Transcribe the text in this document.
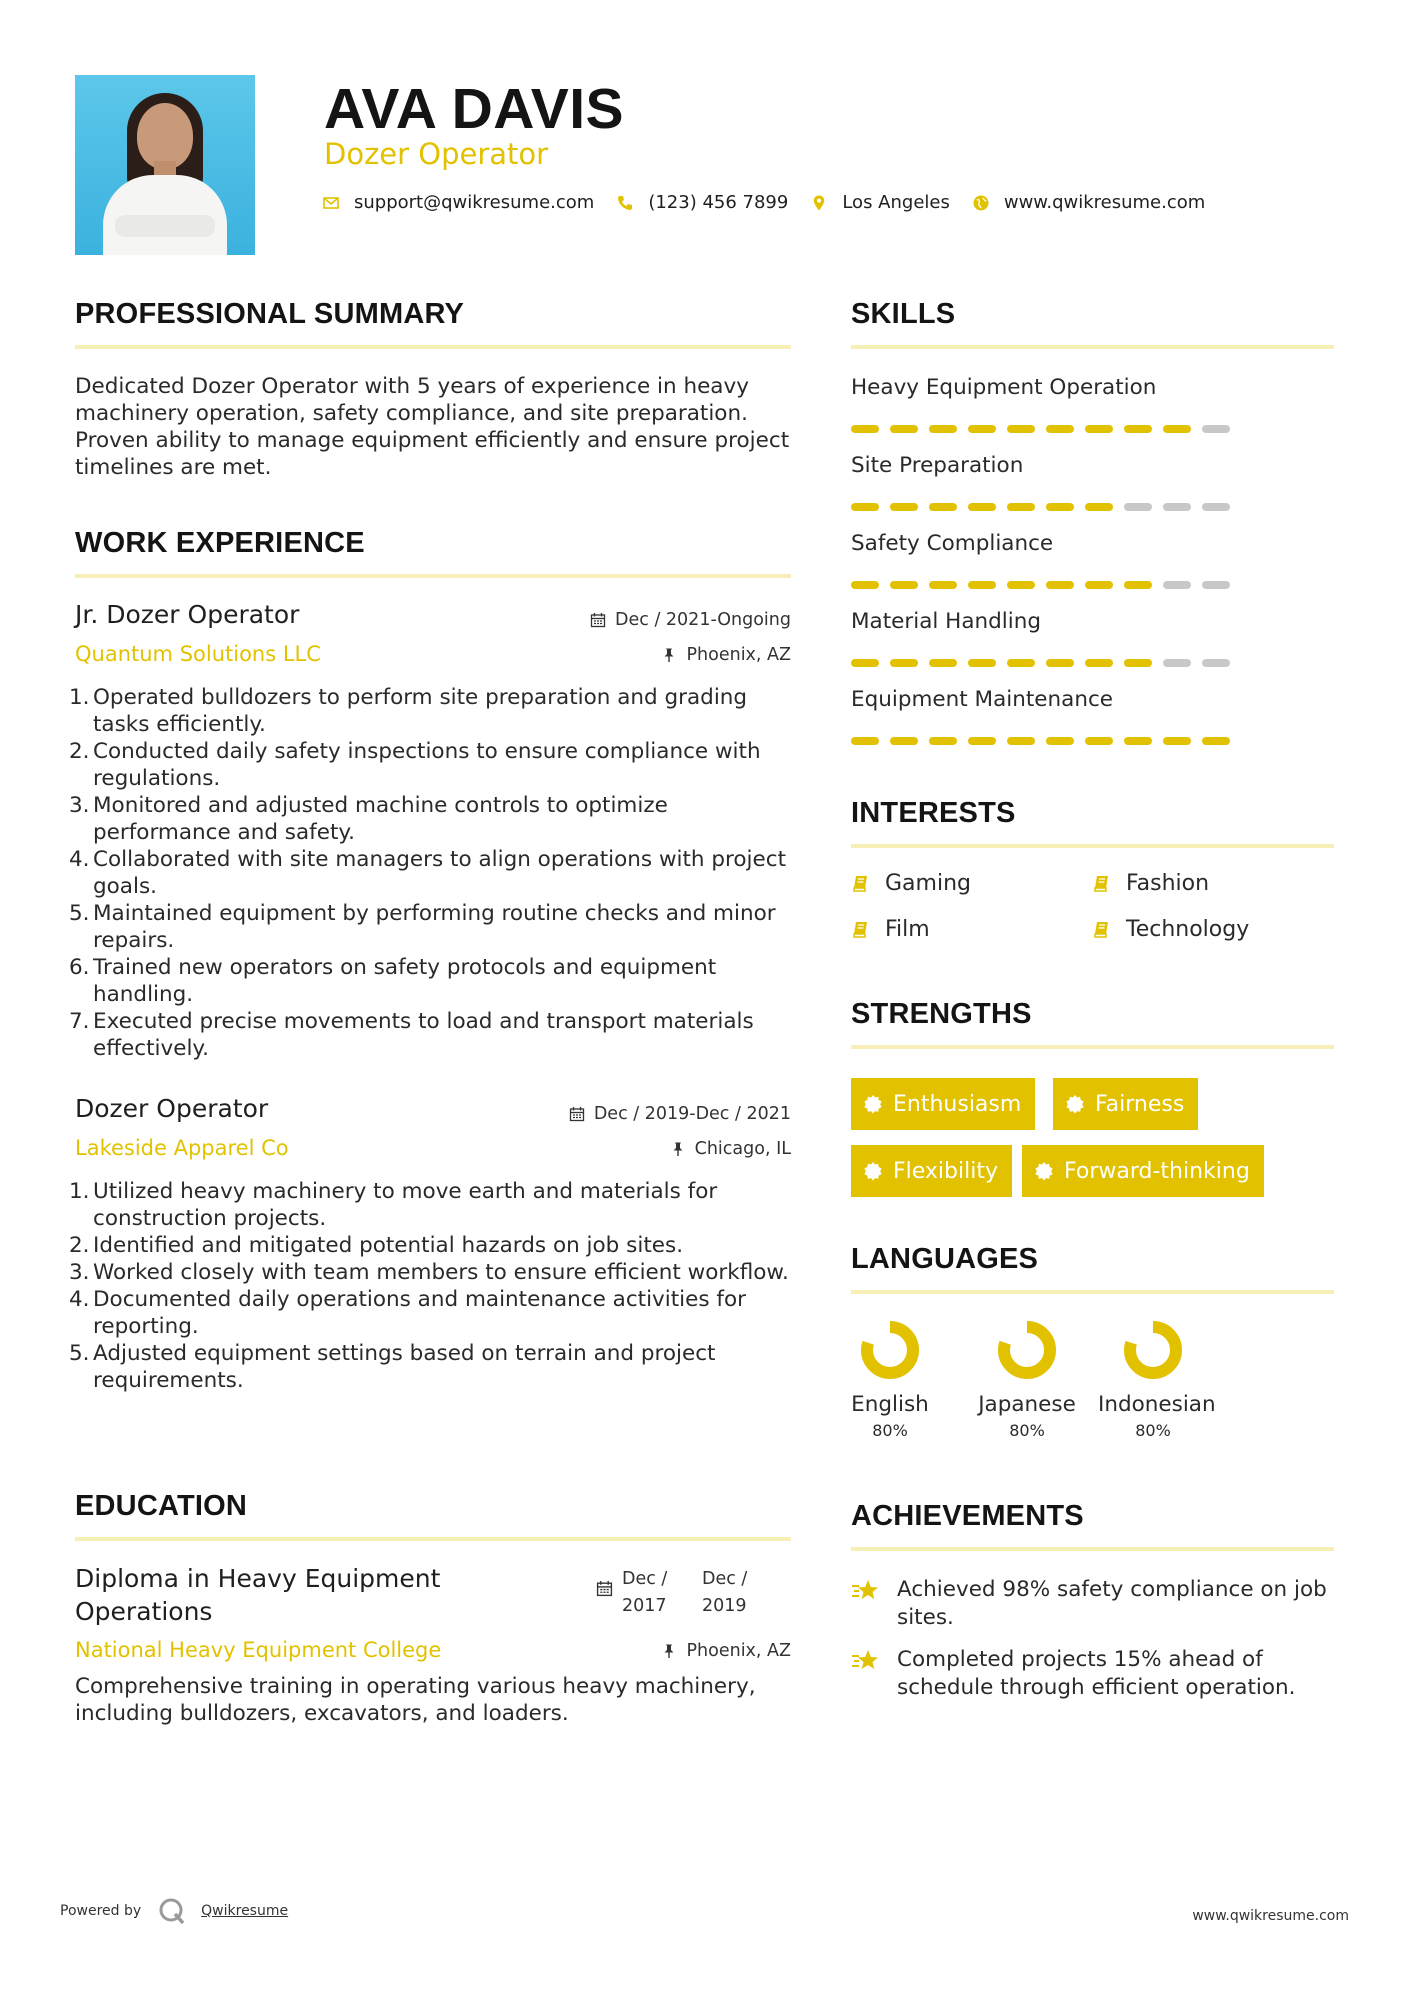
AVA DAVIS
Dozer Operator
support@qwikresume.com	(123) 456 7899	Los Angeles	www.qwikresume.com
PROFESSIONAL SUMMARY
Dedicated Dozer Operator with 5 years of experience in heavy machinery operation, safety compliance, and site preparation. Proven ability to manage equipment efficiently and ensure project timelines are met.
WORK EXPERIENCE
Jr. Dozer Operator	Dec / 2021-Ongoing
Quantum Solutions LLC	Phoenix, AZ
1. Operated bulldozers to perform site preparation and grading tasks efficiently.
2. Conducted daily safety inspections to ensure compliance with regulations.
3. Monitored and adjusted machine controls to optimize performance and safety.
4. Collaborated with site managers to align operations with project goals.
5. Maintained equipment by performing routine checks and minor repairs.
6. Trained new operators on safety protocols and equipment handling.
7. Executed precise movements to load and transport materials effectively.
Dozer Operator	Dec / 2019-Dec / 2021
Lakeside Apparel Co	Chicago, IL
1. Utilized heavy machinery to move earth and materials for construction projects.
2. Identified and mitigated potential hazards on job sites.
3. Worked closely with team members to ensure efficient workflow.
4. Documented daily operations and maintenance activities for reporting.
5. Adjusted equipment settings based on terrain and project requirements.
EDUCATION
Diploma in Heavy Equipment Operations
Dec /
2017
Dec /
2019
National Heavy Equipment College	Phoenix, AZ
Comprehensive training in operating various heavy machinery, including bulldozers, excavators, and loaders.
SKILLS
Heavy Equipment Operation
Site Preparation
Safety Compliance
Material Handling
Equipment Maintenance
INTERESTS
Gaming	Fashion
Film	Technology
STRENGTHS
Enthusiasm	Fairness
Flexibility	Forward-thinking
LANGUAGES
English
80%
Japanese
80%
Indonesian
80%
ACHIEVEMENTS
Achieved 98% safety compliance on job sites.
Completed projects 15% ahead of schedule through efficient operation.
Powered by	Qwikresume	www.qwikresume.com
